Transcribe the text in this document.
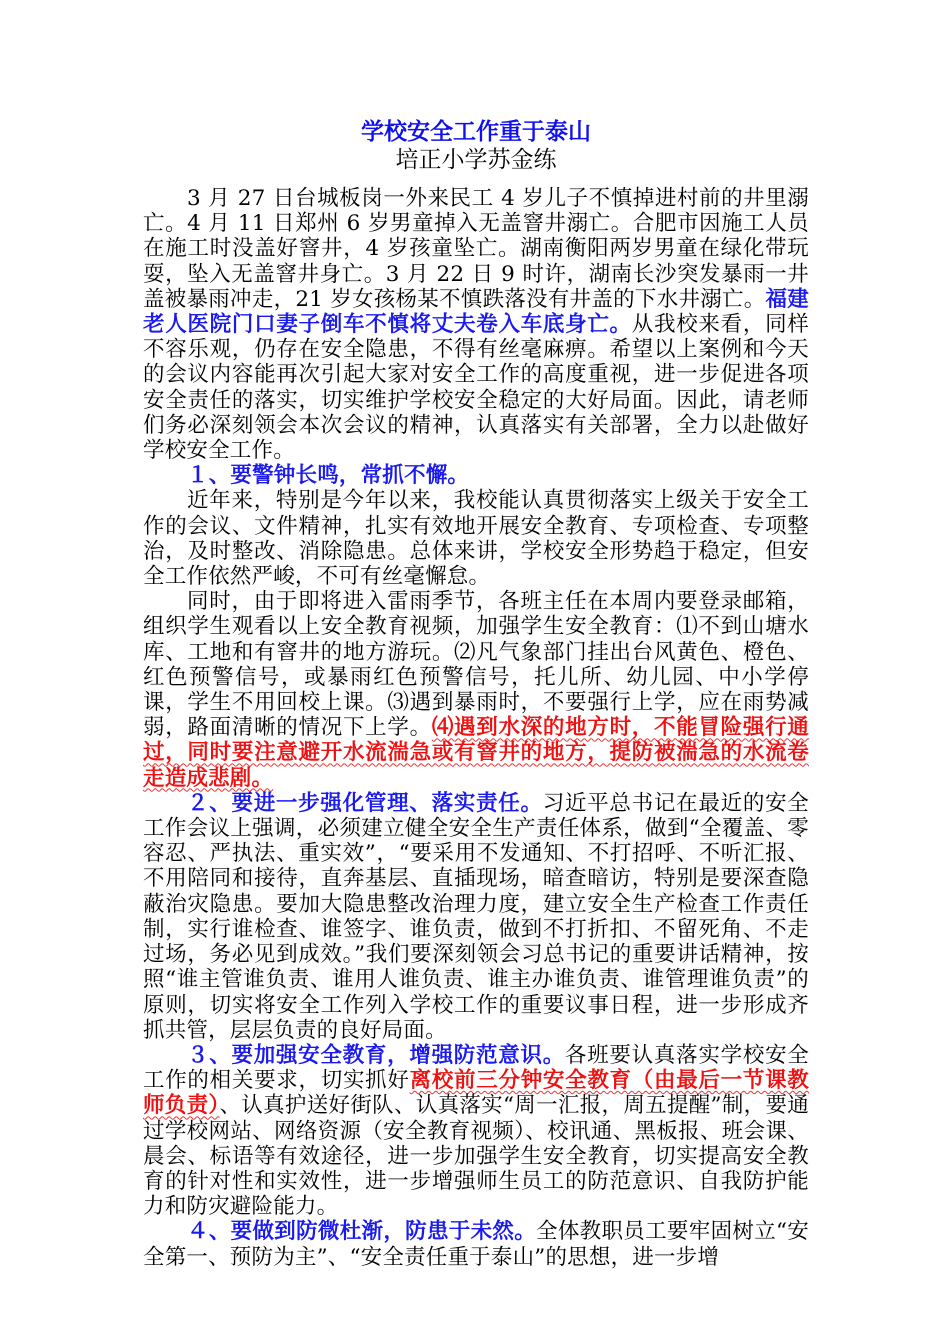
学校安全工作重于泰山

培正小学苏金练

3 月 27 日台城板岗一外来民工 4 岁儿子不慎掉进村前的井里溺亡。4 月 11 日郑州 6 岁男童掉入无盖窨井溺亡。合肥市因施工人员在施工时没盖好窨井，4 岁孩童坠亡。湖南衡阳两岁男童在绿化带玩耍，坠入无盖窨井身亡。3 月 22 日 9 时许，湖南长沙突发暴雨一井盖被暴雨冲走，21 岁女孩杨某不慎跌落没有井盖的下水井溺亡。福建老人医院门口妻子倒车不慎将丈夫卷入车底身亡。从我校来看，同样不容乐观，仍存在安全隐患，不得有丝毫麻痹。希望以上案例和今天的会议内容能再次引起大家对安全工作的高度重视，进一步促进各项安全责任的落实，切实维护学校安全稳定的大好局面。因此，请老师们务必深刻领会本次会议的精神，认真落实有关部署，全力以赴做好学校安全工作。

１、要警钟长鸣，常抓不懈。

近年来，特别是今年以来，我校能认真贯彻落实上级关于安全工作的会议、文件精神，扎实有效地开展安全教育、专项检查、专项整治，及时整改、消除隐患。总体来讲，学校安全形势趋于稳定，但安全工作依然严峻，不可有丝毫懈怠。

同时，由于即将进入雷雨季节，各班主任在本周内要登录邮箱，组织学生观看以上安全教育视频，加强学生安全教育：⑴不到山塘水库、工地和有窨井的地方游玩。⑵凡气象部门挂出台风黄色、橙色、红色预警信号，或暴雨红色预警信号，托儿所、幼儿园、中小学停课，学生不用回校上课。⑶遇到暴雨时，不要强行上学，应在雨势减弱，路面清晰的情况下上学。⑷遇到水深的地方时，不能冒险强行通过，同时要注意避开水流湍急或有窨井的地方，提防被湍急的水流卷走造成悲剧。

２、要进一步强化管理、落实责任。习近平总书记在最近的安全工作会议上强调，必须建立健全安全生产责任体系，做到“全覆盖、零容忍、严执法、重实效”，“要采用不发通知、不打招呼、不听汇报、不用陪同和接待，直奔基层、直插现场，暗查暗访，特别是要深查隐蔽治灾隐患。要加大隐患整改治理力度，建立安全生产检查工作责任制，实行谁检查、谁签字、谁负责，做到不打折扣、不留死角、不走过场，务必见到成效。”我们要深刻领会习总书记的重要讲话精神，按照“谁主管谁负责、谁用人谁负责、谁主办谁负责、谁管理谁负责”的原则，切实将安全工作列入学校工作的重要议事日程，进一步形成齐抓共管，层层负责的良好局面。

３、要加强安全教育，增强防范意识。各班要认真落实学校安全工作的相关要求，切实抓好离校前三分钟安全教育（由最后一节课教师负责）、认真护送好街队、认真落实“周一汇报，周五提醒”制，要通过学校网站、网络资源（安全教育视频）、校讯通、黑板报、班会课、晨会、标语等有效途径，进一步加强学生安全教育，切实提高安全教育的针对性和实效性，进一步增强师生员工的防范意识、自我防护能力和防灾避险能力。

４、要做到防微杜渐，防患于未然。全体教职员工要牢固树立“安全第一、预防为主”、“安全责任重于泰山”的思想，进一步增
